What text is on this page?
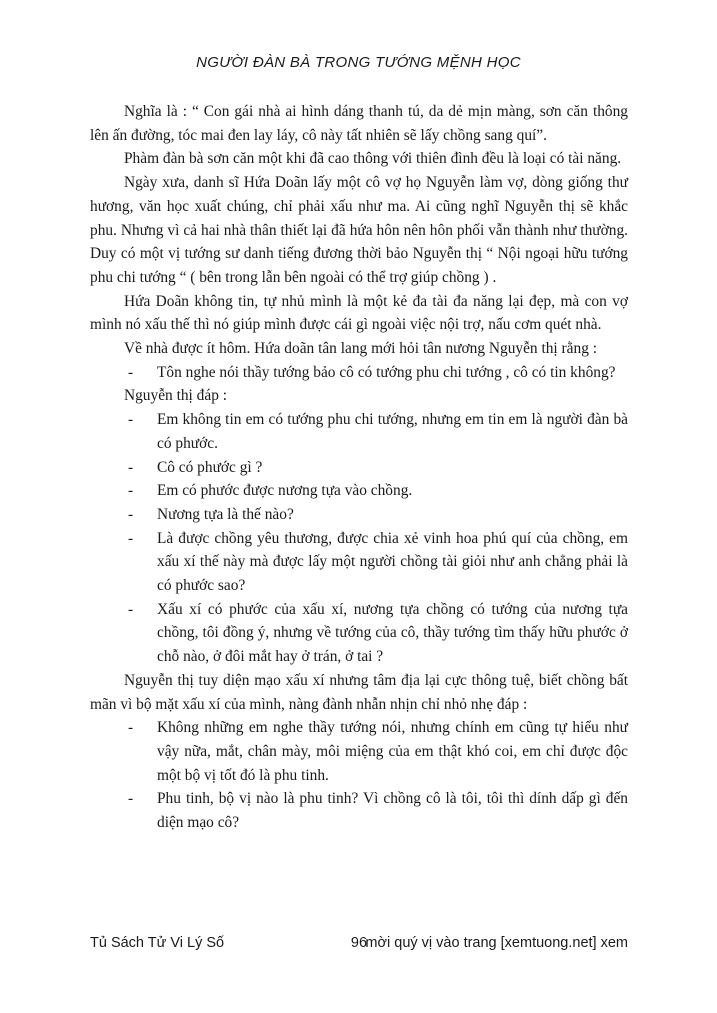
NGƯỜI ĐÀN BÀ TRONG TƯỚNG MỆNH HỌC

Nghĩa là : “ Con gái nhà ai hình dáng thanh tú, da dẻ mịn màng, sơn căn thông lên ấn đường, tóc mai đen lay láy, cô này tất nhiên sẽ lấy chồng sang quí”.

Phàm đàn bà sơn căn một khi đã cao thông với thiên đình đều là loại có tài năng.

Ngày xưa, danh sĩ Hứa Doãn lấy một cô vợ họ Nguyễn làm vợ, dòng giống thư hương, văn học xuất chúng, chỉ phải xấu như ma. Ai cũng nghĩ Nguyễn thị sẽ khắc phu. Nhưng vì cả hai nhà thân thiết lại đã hứa hôn nên hôn phối vẫn thành như thường. Duy có một vị tướng sư danh tiếng đương thời bảo Nguyễn thị “ Nội ngoại hữu tướng phu chi tướng “ ( bên trong lẫn bên ngoài có thể trợ giúp chồng ) .

Hứa Doãn không tin, tự nhủ mình là một kẻ đa tài đa năng lại đẹp, mà con vợ mình nó xấu thế thì nó giúp mình được cái gì ngoài việc nội trợ, nấu cơm quét nhà.

Về nhà được ít hôm. Hứa doãn tân lang mới hỏi tân nương Nguyễn thị rằng :

- Tôn nghe nói thầy tướng bảo cô có tướng phu chi tướng , cô có tin không?

Nguyễn thị đáp :

- Em không tin em có tướng phu chi tướng, nhưng em tin em là người đàn bà có phước.
- Cô có phước gì ?
- Em có phước được nương tựa vào chồng.
- Nương tựa là thế nào?
- Là được chồng yêu thương, được chia xẻ vinh hoa phú quí của chồng, em xấu xí thế này mà được lấy một người chồng tài giỏi như anh chẳng phải là có phước sao?
- Xấu xí có phước của xấu xí, nương tựa chồng có tướng của nương tựa chồng, tôi đồng ý, nhưng về tướng của cô, thầy tướng tìm thấy hữu phước ở chỗ nào, ở đôi mắt hay ở trán, ở tai ?

Nguyễn thị tuy diện mạo xấu xí nhưng tâm địa lại cực thông tuệ, biết chồng bất mãn vì bộ mặt xấu xí của mình, nàng đành nhẫn nhịn chỉ nhỏ nhẹ đáp :

- Không những em nghe thầy tướng nói, nhưng chính em cũng tự hiểu như vậy nữa, mắt, chân mày, môi miệng của em thật khó coi, em chỉ được độc một bộ vị tốt đó là phu tinh.
- Phu tinh, bộ vị nào là phu tinh? Vì chồng cô là tôi, tôi thì dính dấp gì đến diện mạo cô?
Tủ Sách Tử Vi Lý Số	96
mời quý vị vào trang [xemtuong.net] xem
